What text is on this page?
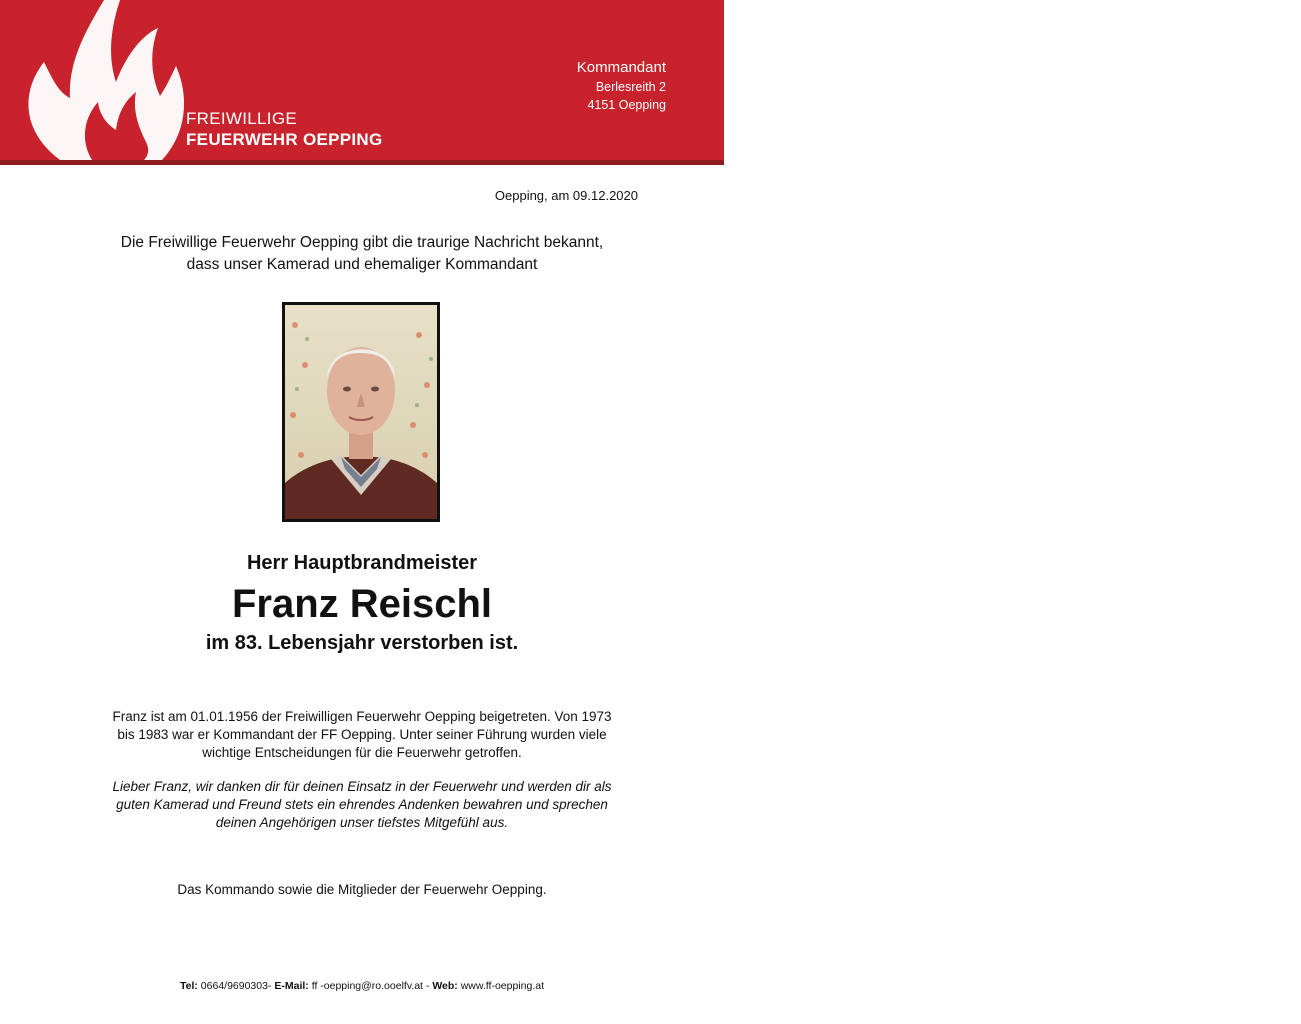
FREIWILLIGE
FEUERWEHR OEPPING
Kommandant
Stefan Spindlbalker
Berlesreith 2
4151 Oepping
Oepping, am 09.12.2020
Die Freiwillige Feuerwehr Oepping gibt die traurige Nachricht bekannt,
dass unser Kamerad und ehemaliger Kommandant
Herr Hauptbrandmeister
Franz Reischl
im 83. Lebensjahr verstorben ist.
Franz ist am 01.01.1956 der Freiwilligen Feuerwehr Oepping beigetreten. Von 1973
bis 1983 war er Kommandant der FF Oepping. Unter seiner Führung wurden viele
wichtige Entscheidungen für die Feuerwehr getroffen.
Lieber Franz, wir danken dir für deinen Einsatz in der Feuerwehr und werden dir als
guten Kamerad und Freund stets ein ehrendes Andenken bewahren und sprechen
deinen Angehörigen unser tiefstes Mitgefühl aus.
Das Kommando sowie die Mitglieder der Feuerwehr Oepping.
Tel: 0664/9690303- E-Mail: ff -oepping@ro.ooelfv.at - Web: www.ff-oepping.at
